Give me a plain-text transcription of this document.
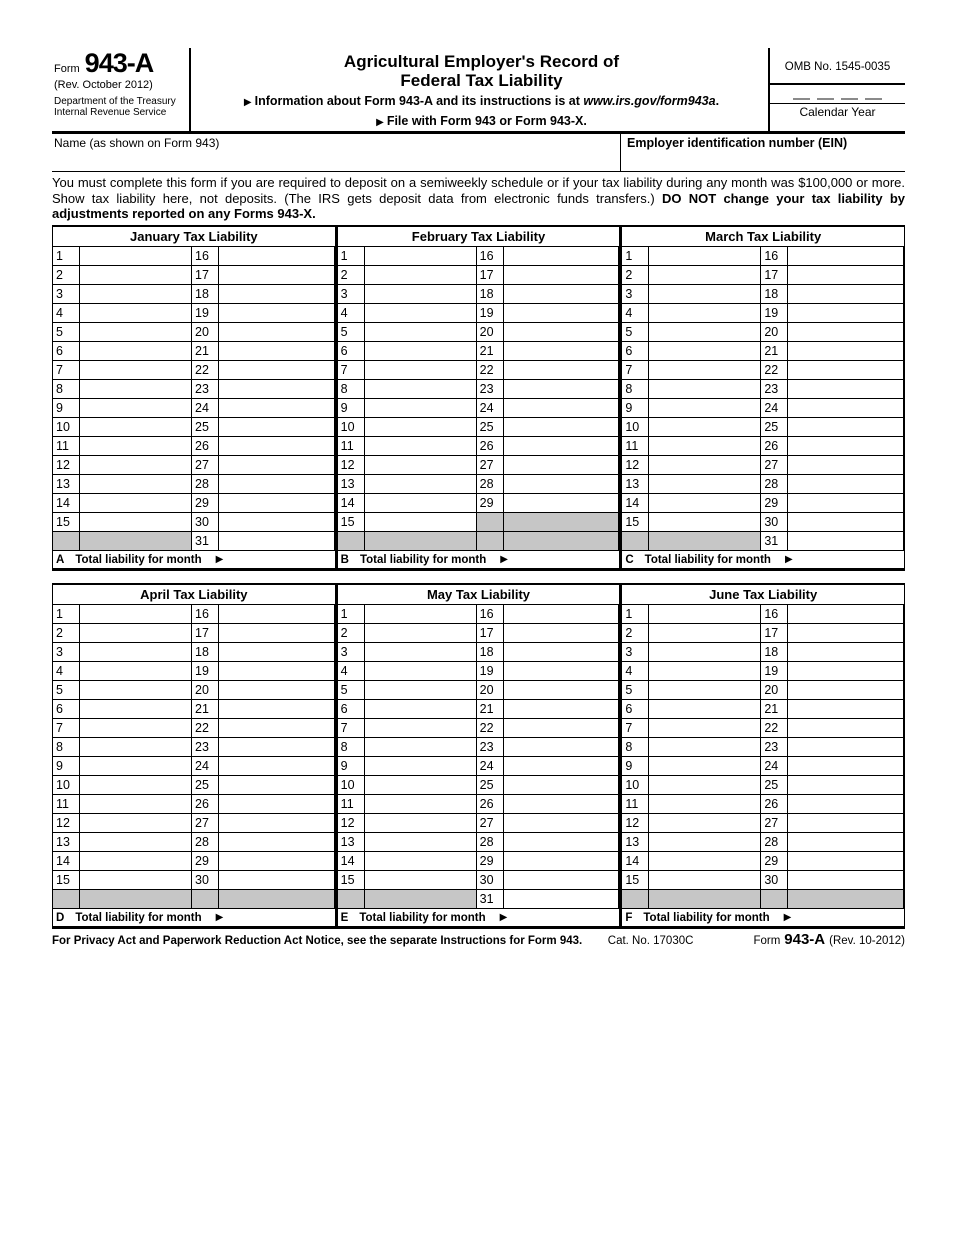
Form 943-A
(Rev. October 2012)
Department of the Treasury
Internal Revenue Service
Agricultural Employer's Record of
Federal Tax Liability
▶ Information about Form 943-A and its instructions is at www.irs.gov/form943a.
▶ File with Form 943 or Form 943-X.
OMB No. 1545-0035
Calendar Year
Name (as shown on Form 943)	Employer identification number (EIN)
You must complete this form if you are required to deposit on a semiweekly schedule or if your tax liability during any month was $100,000 or more. Show tax liability here, not deposits. (The IRS gets deposit data from electronic funds transfers.) DO NOT change your tax liability by adjustments reported on any Forms 943-X.
January Tax Liability
1	16
2	17
3	18
4	19
5	20
6	21
7	22
8	23
9	24
10	25
11	26
12	27
13	28
14	29
15	30
31
A Total liability for month ▶
February Tax Liability
1	16
2	17
3	18
4	19
5	20
6	21
7	22
8	23
9	24
10	25
11	26
12	27
13	28
14	29
15
B Total liability for month ▶
March Tax Liability
1	16
2	17
3	18
4	19
5	20
6	21
7	22
8	23
9	24
10	25
11	26
12	27
13	28
14	29
15	30
31
C Total liability for month ▶
April Tax Liability
1	16
2	17
3	18
4	19
5	20
6	21
7	22
8	23
9	24
10	25
11	26
12	27
13	28
14	29
15	30
D Total liability for month ▶
May Tax Liability
1	16
2	17
3	18
4	19
5	20
6	21
7	22
8	23
9	24
10	25
11	26
12	27
13	28
14	29
15	30
31
E Total liability for month ▶
June Tax Liability
1	16
2	17
3	18
4	19
5	20
6	21
7	22
8	23
9	24
10	25
11	26
12	27
13	28
14	29
15	30
F Total liability for month ▶
For Privacy Act and Paperwork Reduction Act Notice, see the separate Instructions for Form 943. Cat. No. 17030C	Form 943-A (Rev. 10-2012)
